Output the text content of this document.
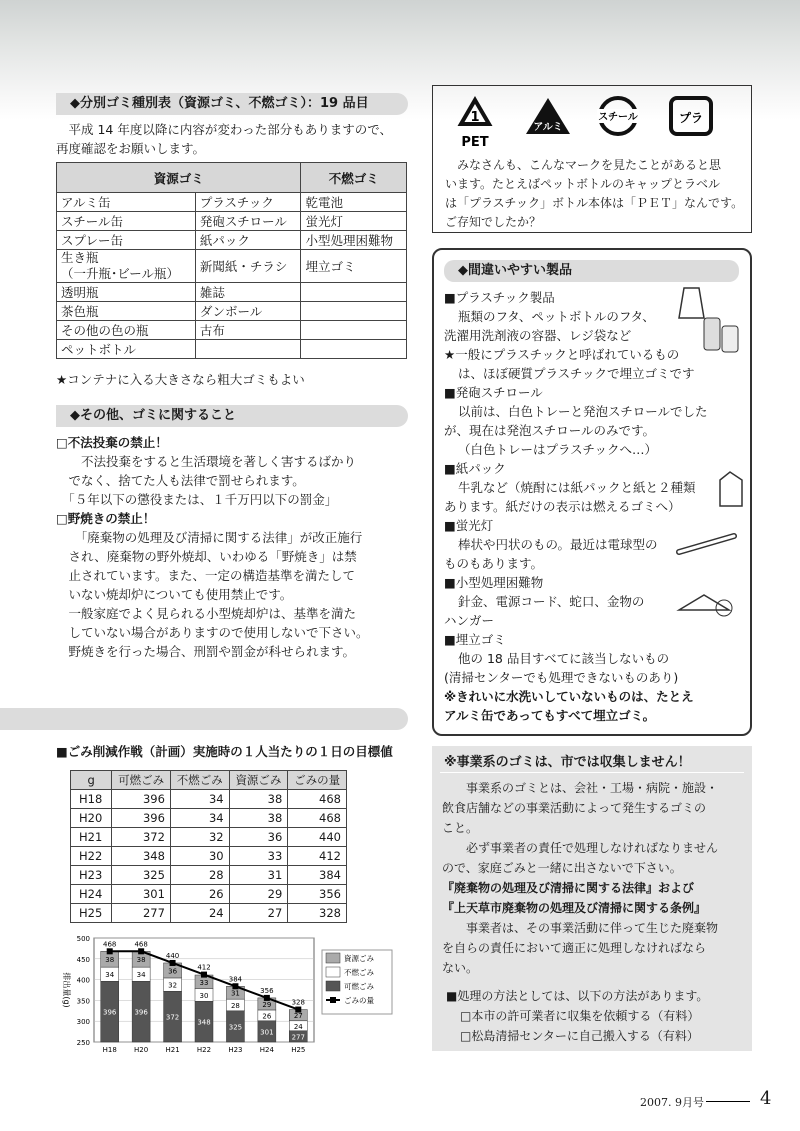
◆分別ゴミ種別表（資源ゴミ、不燃ゴミ）：19 品目
　平成 14 年度以降に内容が変わった部分もありますので、
再度確認をお願いします。
資源ゴミ		不燃ゴミ
アルミ缶	プラスチック	乾電池
スチール缶	発砲スチロール	蛍光灯
スプレー缶	紙パック	小型処理困難物
生き瓶
（一升瓶･ビール瓶）	新聞紙・チラシ	埋立ゴミ
透明瓶	雑誌	
茶色瓶	ダンボール	
その他の色の瓶	古布	
ペットボトル		
★コンテナに入る大きさなら粗大ゴミもよい
◆その他、ゴミに関すること
□不法投棄の禁止！
　　不法投棄をすると生活環境を著しく害するばかり
　でなく、捨てた人も法律で罰せられます。
　「５年以下の懲役または、１千万円以下の罰金」
□野焼きの禁止！
　　「廃棄物の処理及び清掃に関する法律」が改正施行
　され、廃棄物の野外焼却、いわゆる「野焼き」は禁
　止されています。また、一定の構造基準を満たして
　いない焼却炉についても使用禁止です。
　一般家庭でよく見られる小型焼却炉は、基準を満た
　していない場合がありますので使用しないで下さい。
　野焼きを行った場合、刑罰や罰金が科せられます。
■ごみ削減作戦（計画）実施時の１人当たりの１日の目標値
g	可燃ごみ	不燃ごみ	資源ごみ	ごみの量
H18	396	34	38	468
H20	396	34	38	468
H21	372	32	36	440
H22	348	30	33	412
H23	325	28	31	384
H24	301	26	29	356
H25	277	24	27	328
500
450
400
350
300
250
排出量(g)
396
34
38
H18
396
34
38
H20
372
32
36
H21
348
30
33
H22
325
28
31
H23
301
26
29
H24
277
24
27
H25
468	468
440
412
384
356
328
資源ごみ
不燃ごみ
可燃ごみ
ごみの量
1
PET
アルミ
スチール	プラ
　みなさんも、こんなマークを見たことがあると思
います。たとえばペットボトルのキャップとラベル
は「プラスチック」ボトル本体は「ＰＥＴ」なんです。
ご存知でしたか？
◆間違いやすい製品
■プラスチック製品
瓶類のフタ、ペットボトルのフタ、
洗濯用洗剤液の容器、レジ袋など
★一般にプラスチックと呼ばれているもの
は、ほぼ硬質プラスチックで埋立ゴミです
■発砲スチロール
以前は、白色トレーと発泡スチロールでした
が、現在は発泡スチロールのみです。
（白色トレーはプラスチックへ…）
■紙パック
牛乳など（焼酎には紙パックと紙と２種類
あります。紙だけの表示は燃えるゴミへ）
■蛍光灯
棒状や円状のもの。最近は電球型の
ものもあります。
■小型処理困難物
針金、電源コード、蛇口、金物の
ハンガー
■埋立ゴミ
他の 18 品目すべてに該当しないもの
(清掃センターでも処理できないものあり)
※きれいに水洗いしていないものは、たとえ
アルミ缶であってもすべて埋立ゴミ。
※事業系のゴミは、市では収集しません！
　　事業系のゴミとは、会社・工場・病院・施設・
飲食店舗などの事業活動によって発生するゴミの
こと。
　　必ず事業者の責任で処理しなければなりません
ので、家庭ごみと一緒に出さないで下さい。
『廃棄物の処理及び清掃に関する法律』および
『上天草市廃棄物の処理及び清掃に関する条例』
　　事業者は、その事業活動に伴って生じた廃棄物
を自らの責任において適正に処理しなければなら
ない。
■処理の方法としては、以下の方法があります。
□本市の許可業者に収集を依頼する（有料）
□松島清掃センターに自己搬入する（有料）
2007. 9月号	4
